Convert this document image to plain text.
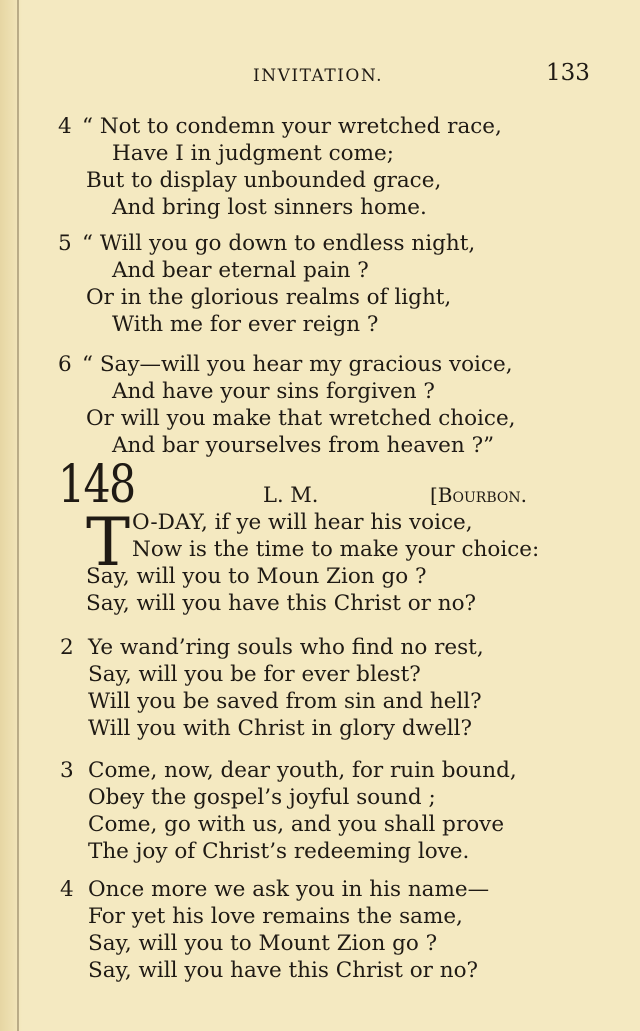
INVITATION.	133
4 “ Not to condemn your wretched race,
Have I in judgment come;
But to display unbounded grace,
And bring lost sinners home.
5 “ Will you go down to endless night,
And bear eternal pain ?
Or in the glorious realms of light,
With me for ever reign ?
6 “ Say—will you hear my gracious voice,
And have your sins forgiven ?
Or will you make that wretched choice,
And bar yourselves from heaven ?”
148	L. M.	[Bourbon.
T O-DAY, if ye will hear his voice,
Now is the time to make your choice:
Say, will you to Moun Zion go ?
Say, will you have this Christ or no?
2 Ye wand’ring souls who find no rest,
Say, will you be for ever blest?
Will you be saved from sin and hell?
Will you with Christ in glory dwell?
3 Come, now, dear youth, for ruin bound,
Obey the gospel’s joyful sound ;
Come, go with us, and you shall prove
The joy of Christ’s redeeming love.
4 Once more we ask you in his name—
For yet his love remains the same,
Say, will you to Mount Zion go ?
Say, will you have this Christ or no?
